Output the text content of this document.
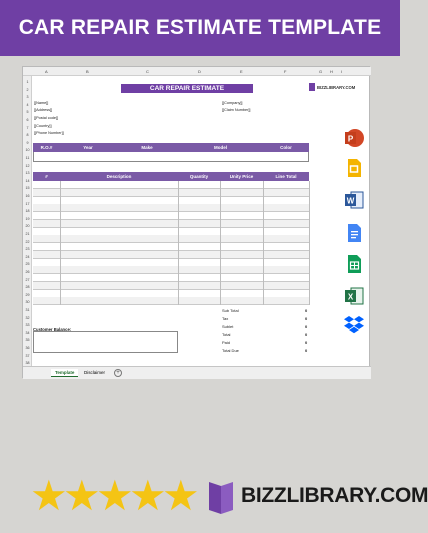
CAR REPAIR ESTIMATE TEMPLATE
A	B	C	D	E	F	G H I
1
2
3
4
5
6
7
8
9
10
11
12
13
14
15
16
17
18
19
20
21
22
23
24
25
26
27
28
29
30
31
32
33
34
35
36
37
38
CAR REPAIR ESTIMATE	BIZZLIBRARY.COM
[[Name]]
[[Address]]
[[Postal code]]
[[Country]]
[[Phone Number]]
[[Company]]
[[Claim Number]]
R.O.#	Year	Make	Model	Color
#	Description	Quantity	Unity Price	Line Total
Customer Balance:
Sub Total	0
Tax	0
Sublet	0
Total	0
Paid	0
Total Due	0
Template	Disclaimer	+
P
W
X
★
★
★
★
★ BIZZLIBRARY.COM
